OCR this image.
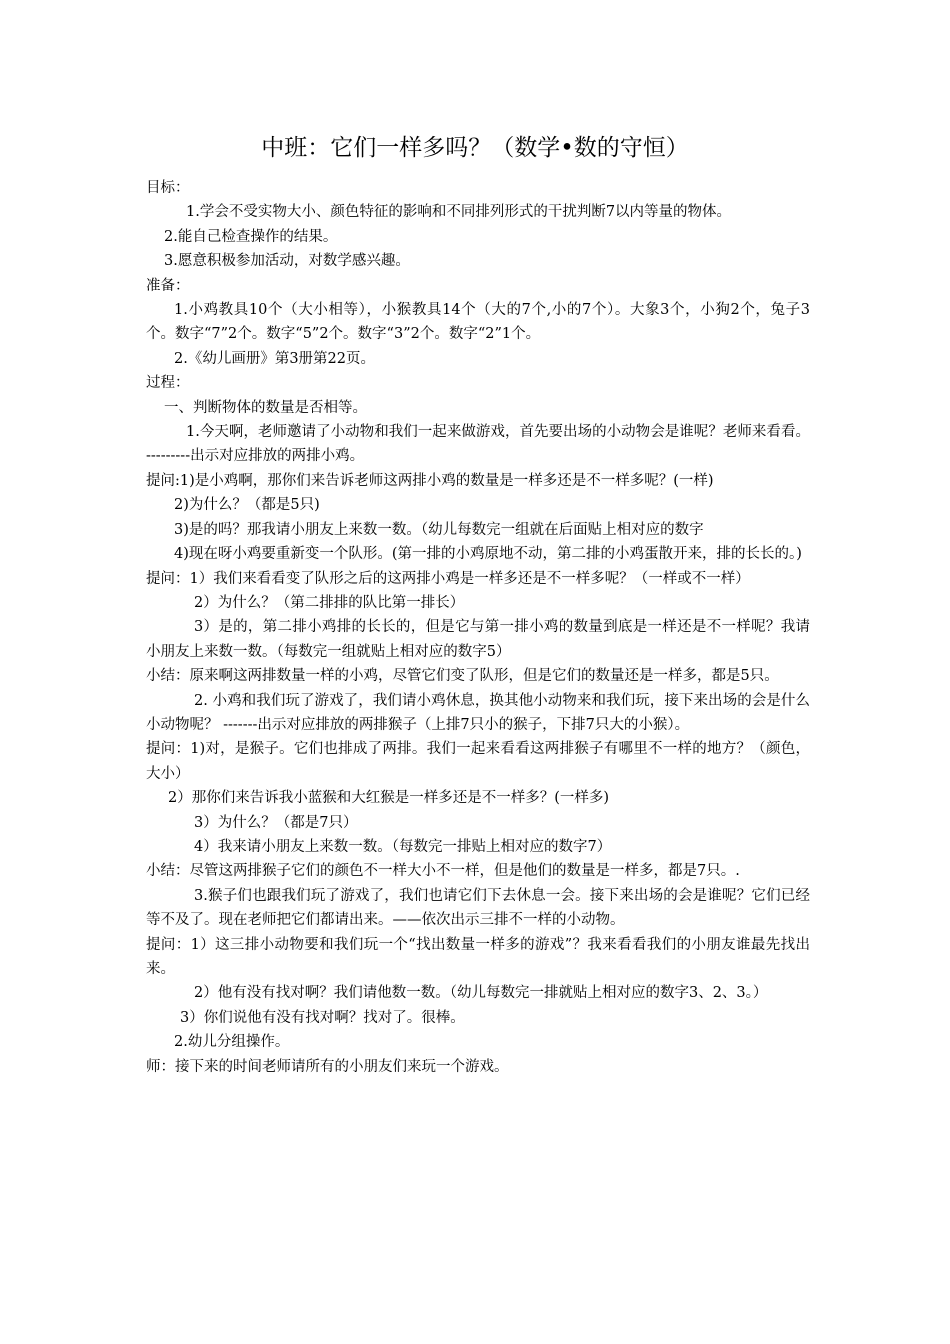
中班：它们一样多吗？（数学•数的守恒）

目标：

1.学会不受实物大小、颜色特征的影响和不同排列形式的干扰判断7以内等量的物体。

2.能自己检查操作的结果。

3.愿意积极参加活动，对数学感兴趣。

准备：

1.小鸡教具10个（大小相等），小猴教具14个（大的7个,小的7个）。大象3个，小狗2个，兔子3个。数字“7”2个。数字“5”2个。数字“3”2个。数字“2”1个。

2.《幼儿画册》第3册第22页。

过程：

一、判断物体的数量是否相等。

1.今天啊，老师邀请了小动物和我们一起来做游戏，首先要出场的小动物会是谁呢？老师来看看。---------出示对应排放的两排小鸡。

提问:1)是小鸡啊，那你们来告诉老师这两排小鸡的数量是一样多还是不一样多呢？(一样)

2)为什么？（都是5只)

3)是的吗？那我请小朋友上来数一数。（幼儿每数完一组就在后面贴上相对应的数字

4)现在呀小鸡要重新变一个队形。(第一排的小鸡原地不动，第二排的小鸡蛋散开来，排的长长的。)

提问：1）我们来看看变了队形之后的这两排小鸡是一样多还是不一样多呢？（一样或不一样）

2）为什么？（第二排排的队比第一排长）

3）是的，第二排小鸡排的长长的，但是它与第一排小鸡的数量到底是一样还是不一样呢？我请小朋友上来数一数。（每数完一组就贴上相对应的数字5）

小结：原来啊这两排数量一样的小鸡，尽管它们变了队形，但是它们的数量还是一样多，都是5只。

2. 小鸡和我们玩了游戏了，我们请小鸡休息，换其他小动物来和我们玩，接下来出场的会是什么小动物呢？ -------出示对应排放的两排猴子（上排7只小的猴子，下排7只大的小猴）。

提问：1)对，是猴子。它们也排成了两排。我们一起来看看这两排猴子有哪里不一样的地方？（颜色，大小）

2）那你们来告诉我小蓝猴和大红猴是一样多还是不一样多？(一样多)

3）为什么？（都是7只）

4）我来请小朋友上来数一数。（每数完一排贴上相对应的数字7）

小结：尽管这两排猴子它们的颜色不一样大小不一样，但是他们的数量是一样多，都是7只。.

3.猴子们也跟我们玩了游戏了，我们也请它们下去休息一会。接下来出场的会是谁呢？它们已经等不及了。现在老师把它们都请出来。——依次出示三排不一样的小动物。

提问：1）这三排小动物要和我们玩一个“找出数量一样多的游戏”？我来看看我们的小朋友谁最先找出来。

2）他有没有找对啊？我们请他数一数。（幼儿每数完一排就贴上相对应的数字3、2、3。）

3）你们说他有没有找对啊？找对了。很棒。

2.幼儿分组操作。

师：接下来的时间老师请所有的小朋友们来玩一个游戏。
